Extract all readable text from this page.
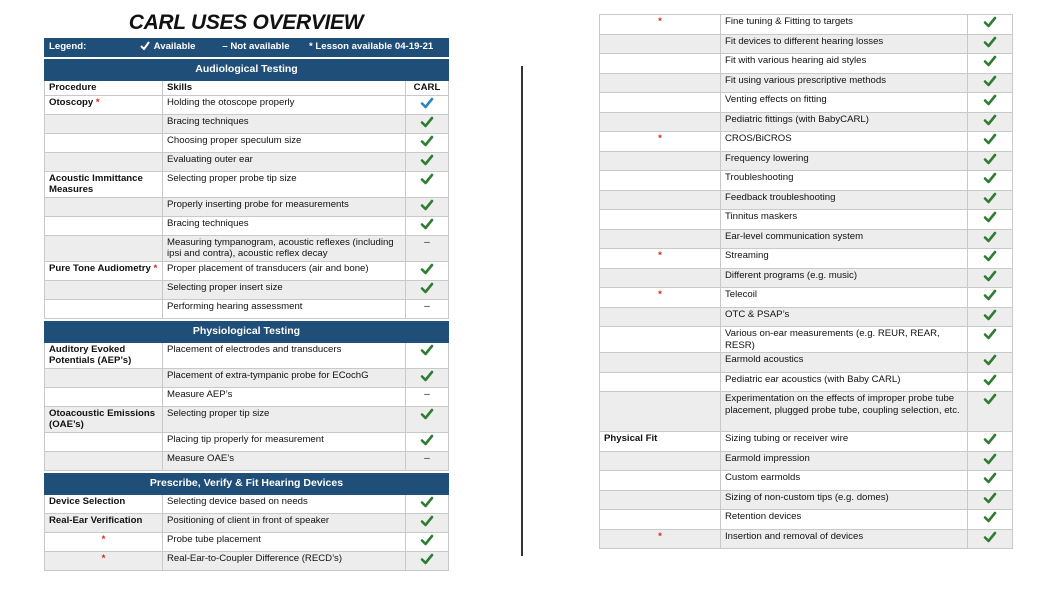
CARL USES OVERVIEW
Legend: Available – Not available * Lesson available 04-19-21		

Audiological Testing		
Procedure	Skills	CARL
Otoscopy *	Holding the otoscope properly	
	Bracing techniques	
	Choosing proper speculum size	
	Evaluating outer ear	
Acoustic Immittance Measures	Selecting proper probe tip size	
	Properly inserting probe for measurements	
	Bracing techniques	
	Measuring tympanogram, acoustic reflexes (including ipsi and contra), acoustic reflex decay	–
Pure Tone Audiometry *	Proper placement of transducers (air and bone)	
	Selecting proper insert size	
	Performing hearing assessment	–

Physiological Testing		
Auditory Evoked Potentials (AEP’s)	Placement of electrodes and transducers	
	Placement of extra-tympanic probe for ECochG	
	Measure AEP’s	–
Otoacoustic Emissions (OAE’s)	Selecting proper tip size	
	Placing tip properly for measurement	
	Measure OAE’s	–

Prescribe, Verify & Fit Hearing Devices		
Device Selection	Selecting device based on needs	
Real-Ear Verification	Positioning of client in front of speaker	
*	Probe tube placement	
*	Real-Ear-to-Coupler Difference (RECD’s)	
*	Fine tuning & Fitting to targets	
	Fit devices to different hearing losses	
	Fit with various hearing aid styles	
	Fit using various prescriptive methods	
	Venting effects on fitting	
	Pediatric fittings (with BabyCARL)	
*	CROS/BiCROS	
	Frequency lowering	
	Troubleshooting	
	Feedback troubleshooting	
	Tinnitus maskers	
	Ear-level communication system	
*	Streaming	
	Different programs (e.g. music)	
*	Telecoil	
	OTC & PSAP’s	
	Various on-ear measurements (e.g. REUR, REAR, RESR)	
	Earmold acoustics	
	Pediatric ear acoustics (with Baby CARL)	
	Experimentation on the effects of improper probe tube placement, plugged probe tube, coupling selection, etc.	
Physical Fit	Sizing tubing or receiver wire	
	Earmold impression	
	Custom earmolds	
	Sizing of non-custom tips (e.g. domes)	
	Retention devices	
*	Insertion and removal of devices	
